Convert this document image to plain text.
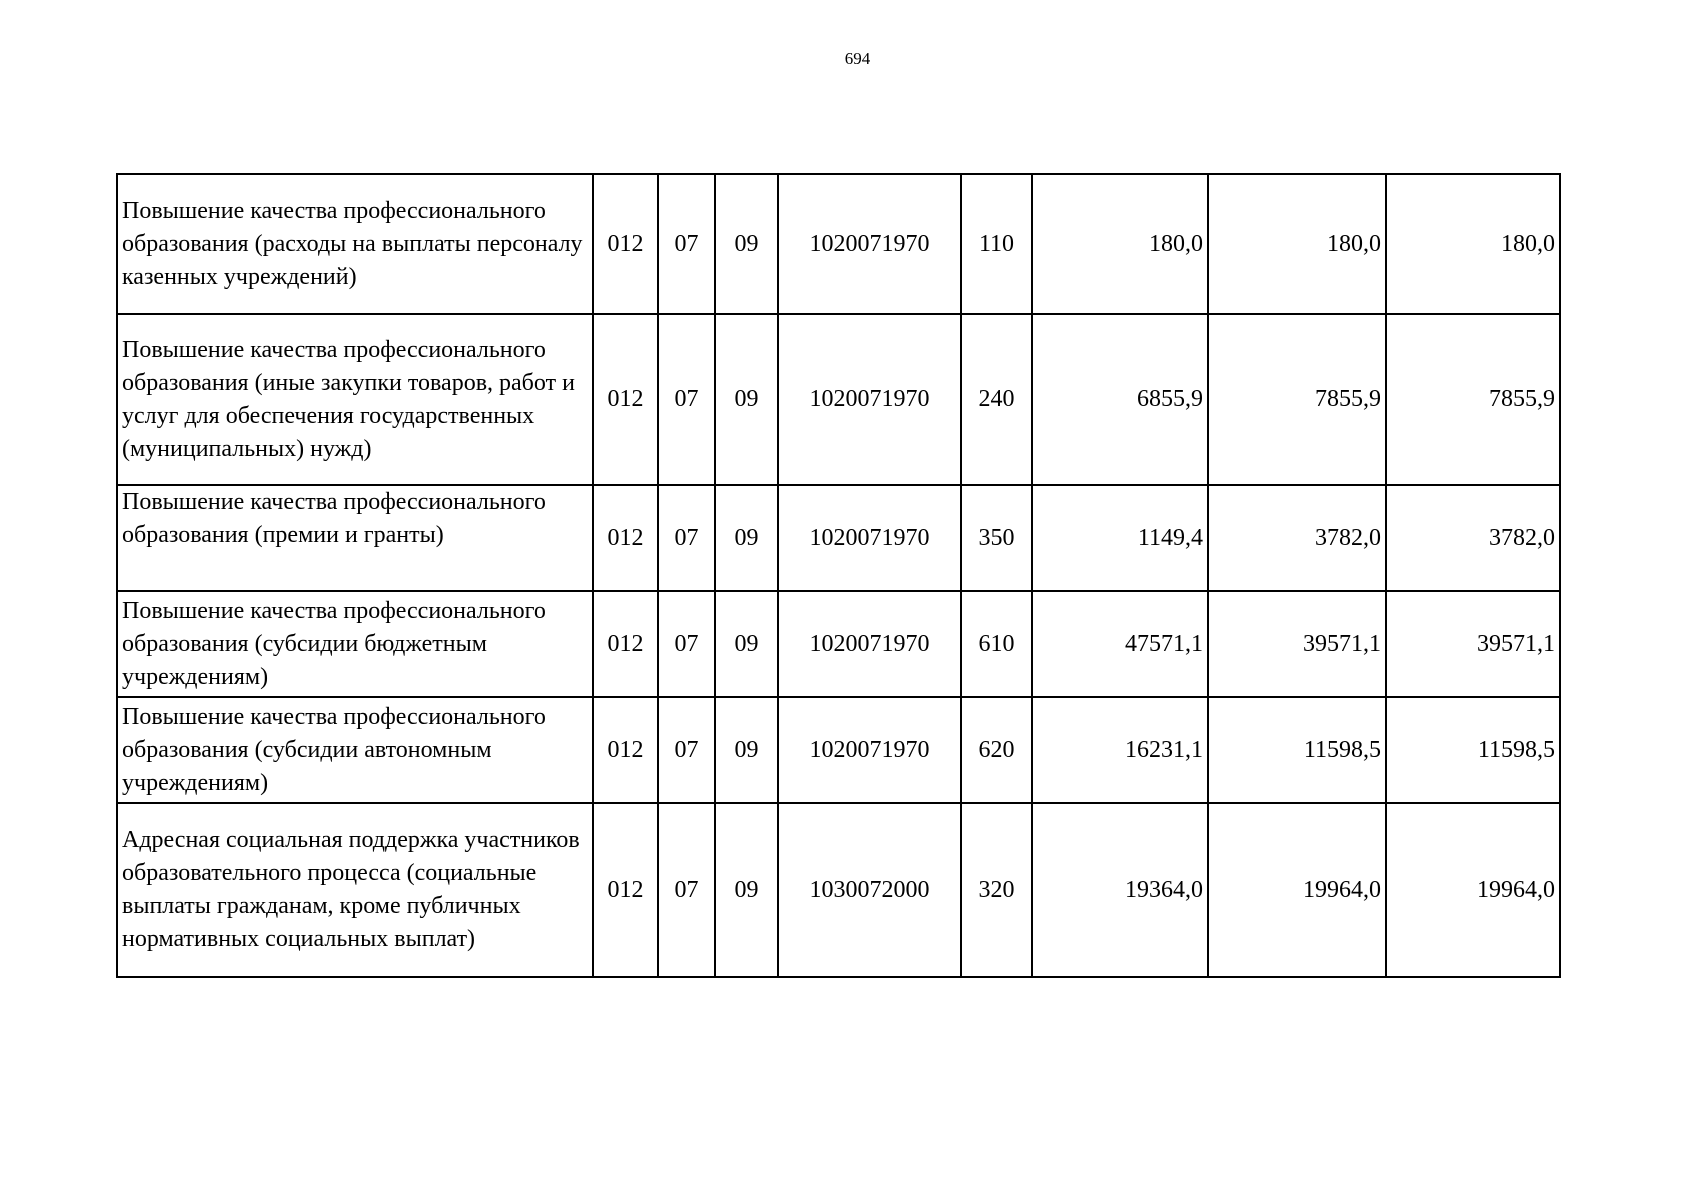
694
Повышение качества профессионального образования (расходы на выплаты персоналу казенных учреждений)	012	07	09	1020071970	110	180,0	180,0	180,0
Повышение качества профессионального образования (иные закупки товаров, работ и услуг для обеспечения государственных (муниципальных) нужд)	012	07	09	1020071970	240	6855,9	7855,9	7855,9
Повышение качества профессионального образования (премии и гранты)	012	07	09	1020071970	350	1149,4	3782,0	3782,0
Повышение качества профессионального образования (субсидии бюджетным учреждениям)	012	07	09	1020071970	610	47571,1	39571,1	39571,1
Повышение качества профессионального образования (субсидии автономным учреждениям)	012	07	09	1020071970	620	16231,1	11598,5	11598,5
Адресная социальная поддержка участников образовательного процесса (социальные выплаты гражданам, кроме публичных нормативных социальных выплат)	012	07	09	1030072000	320	19364,0	19964,0	19964,0
